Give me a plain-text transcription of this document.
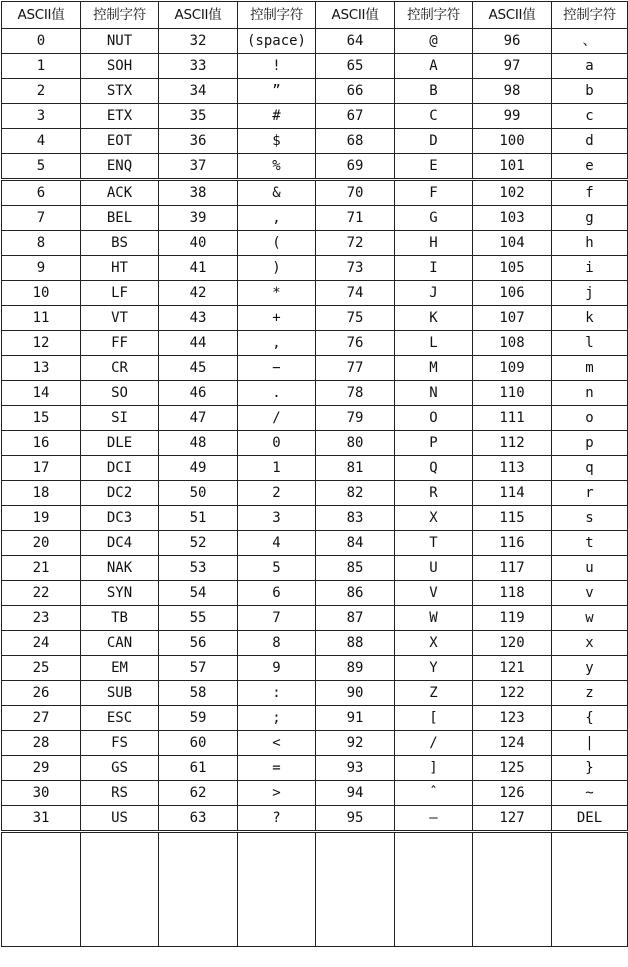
ASCII值	控制字符	ASCII值	控制字符	ASCII值	控制字符	ASCII值	控制字符
0	NUT	32	(space)	64	@	96	、
1	SOH	33	!	65	A	97	a
2	STX	34	”	66	B	98	b
3	ETX	35	#	67	C	99	c
4	EOT	36	$	68	D	100	d
5	ENQ	37	%	69	E	101	e
6	ACK	38	&	70	F	102	f
7	BEL	39	,	71	G	103	g
8	BS	40	(	72	H	104	h
9	HT	41	)	73	I	105	i
10	LF	42	*	74	J	106	j
11	VT	43	+	75	K	107	k
12	FF	44	,	76	L	108	l
13	CR	45	−	77	M	109	m
14	SO	46	.	78	N	110	n
15	SI	47	/	79	O	111	o
16	DLE	48	0	80	P	112	p
17	DCI	49	1	81	Q	113	q
18	DC2	50	2	82	R	114	r
19	DC3	51	3	83	X	115	s
20	DC4	52	4	84	T	116	t
21	NAK	53	5	85	U	117	u
22	SYN	54	6	86	V	118	v
23	TB	55	7	87	W	119	w
24	CAN	56	8	88	X	120	x
25	EM	57	9	89	Y	121	y
26	SUB	58	:	90	Z	122	z
27	ESC	59	;	91	[	123	{
28	FS	60	<	92	/	124	|
29	GS	61	=	93	]	125	}
30	RS	62	>	94	ˆ	126	~
31	US	63	?	95	—	127	DEL
